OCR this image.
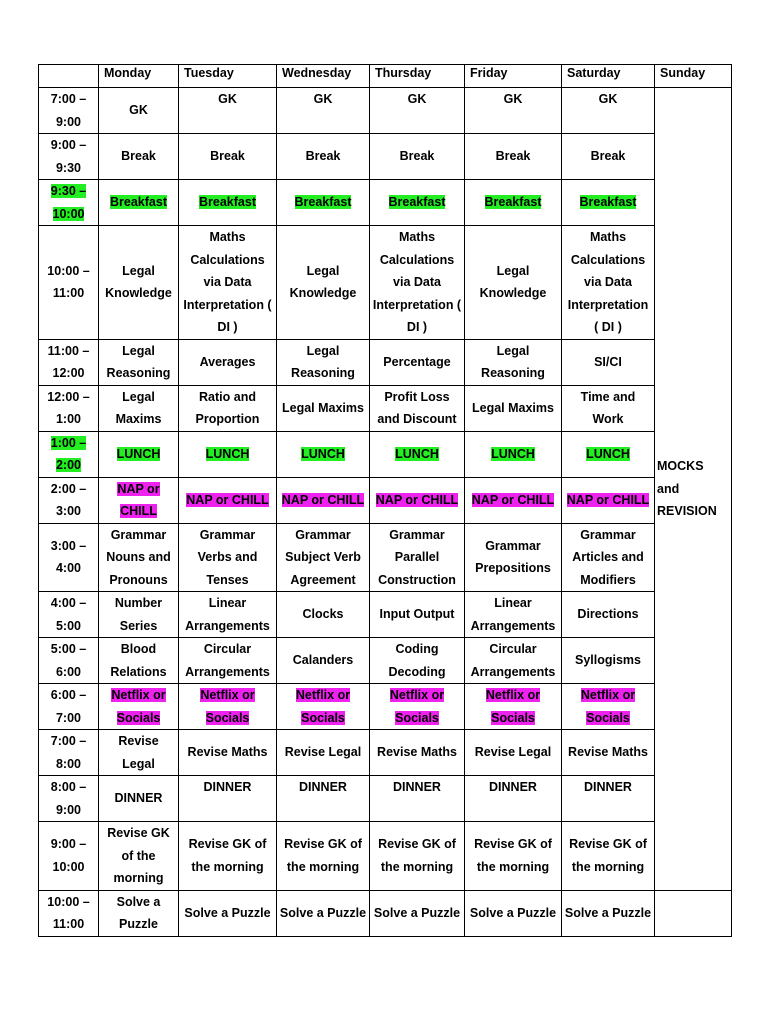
	Monday	Tuesday	Wednesday	Thursday	Friday	Saturday	Sunday
7:00 – 9:00	GK	GK	GK	GK	GK	GK	MOCKS and REVISION
9:00 – 9:30	Break	Break	Break	Break	Break	Break	
9:30 – 10:00	Breakfast	Breakfast	Breakfast	Breakfast	Breakfast	Breakfast	
10:00 – 11:00	Legal Knowledge	Maths Calculations via Data Interpretation ( DI )	Legal Knowledge	Maths Calculations via Data Interpretation ( DI )	Legal Knowledge	Maths Calculations via Data Interpretation ( DI )	
11:00 – 12:00	Legal Reasoning	Averages	Legal Reasoning	Percentage	Legal Reasoning	SI/CI	
12:00 – 1:00	Legal Maxims	Ratio and Proportion	Legal Maxims	Profit Loss and Discount	Legal Maxims	Time and Work	
1:00 – 2:00	LUNCH	LUNCH	LUNCH	LUNCH	LUNCH	LUNCH	
2:00 – 3:00	NAP or CHILL	NAP or CHILL	NAP or CHILL	NAP or CHILL	NAP or CHILL	NAP or CHILL	
3:00 – 4:00	Grammar Nouns and Pronouns	Grammar Verbs and Tenses	Grammar Subject Verb Agreement	Grammar Parallel Construction	Grammar Prepositions	Grammar Articles and Modifiers	
4:00 – 5:00	Number Series	Linear Arrangements	Clocks	Input Output	Linear Arrangements	Directions	
5:00 – 6:00	Blood Relations	Circular Arrangements	Calanders	Coding Decoding	Circular Arrangements	Syllogisms	
6:00 – 7:00	Netflix or Socials	Netflix or Socials	Netflix or Socials	Netflix or Socials	Netflix or Socials	Netflix or Socials	
7:00 – 8:00	Revise Legal	Revise Maths	Revise Legal	Revise Maths	Revise Legal	Revise Maths	
8:00 – 9:00	DINNER	DINNER	DINNER	DINNER	DINNER	DINNER	
9:00 – 10:00	Revise GK of the morning	Revise GK of the morning	Revise GK of the morning	Revise GK of the morning	Revise GK of the morning	Revise GK of the morning	
10:00 – 11:00	Solve a Puzzle	Solve a Puzzle	Solve a Puzzle	Solve a Puzzle	Solve a Puzzle	Solve a Puzzle	
